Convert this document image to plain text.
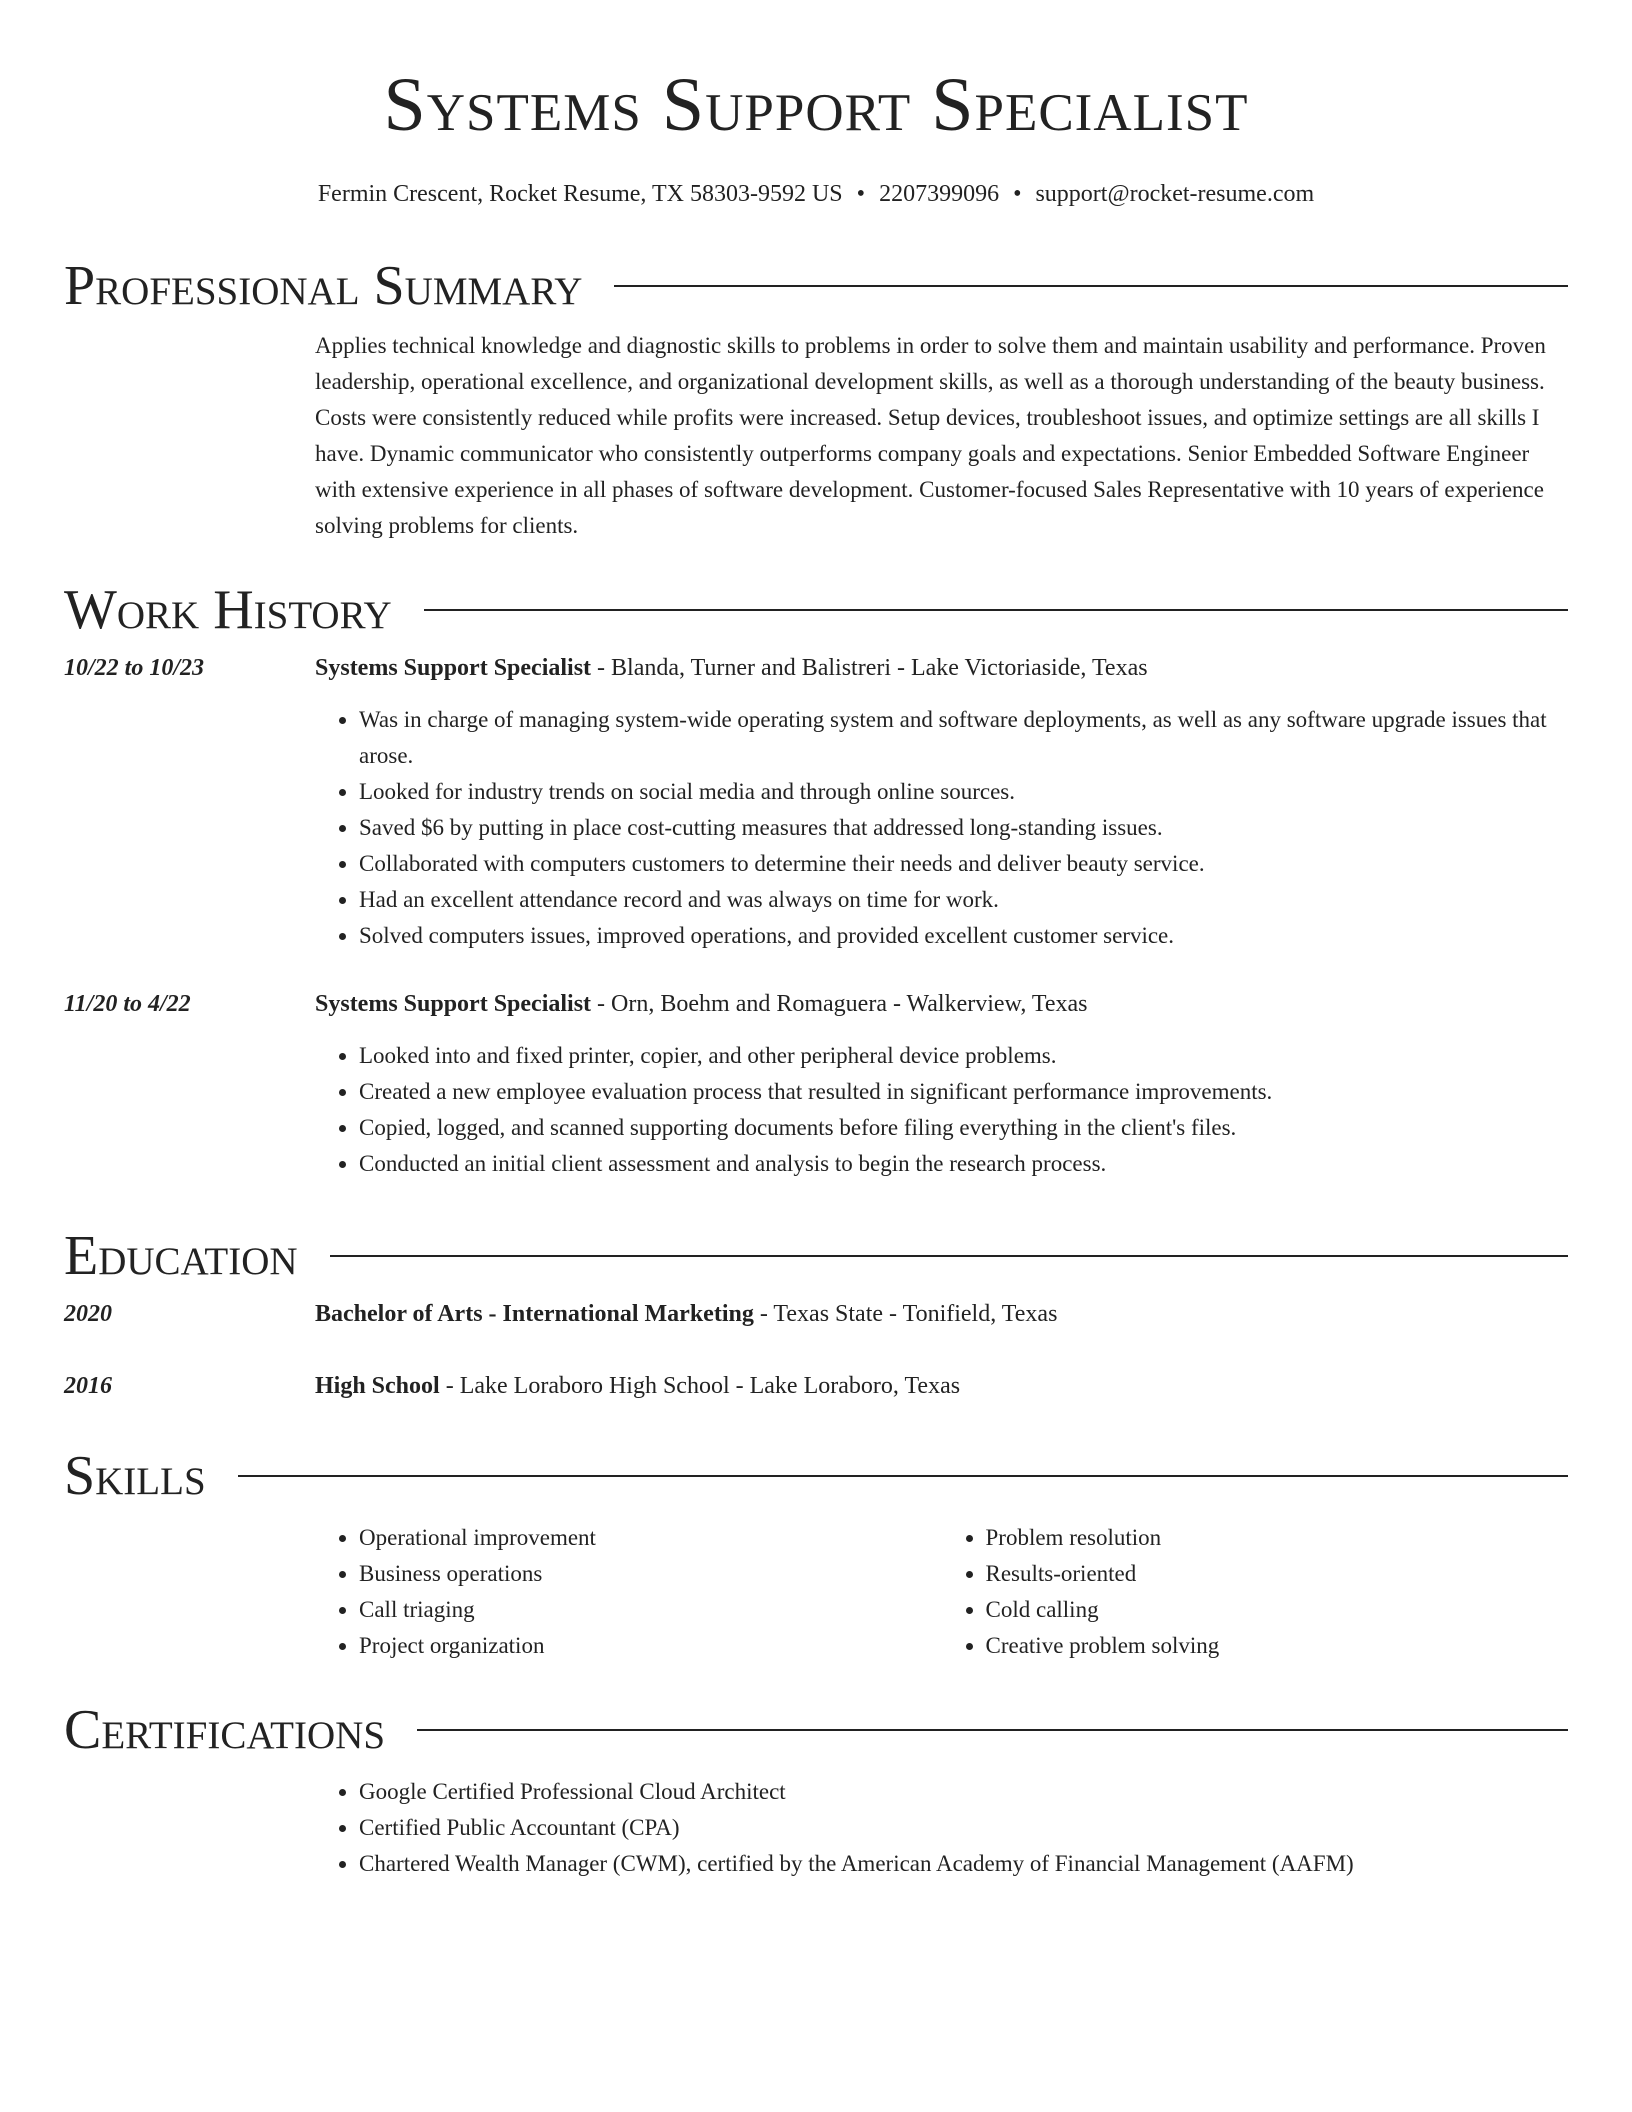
Systems Support Specialist
Fermin Crescent, Rocket Resume, TX 58303-9592 US • 2207399096 • support@rocket-resume.com
Professional Summary

Applies technical knowledge and diagnostic skills to problems in order to solve them and maintain usability and performance. Proven leadership, operational excellence, and organizational development skills, as well as a thorough understanding of the beauty business. Costs were consistently reduced while profits were increased. Setup devices, troubleshoot issues, and optimize settings are all skills I have. Dynamic communicator who consistently outperforms company goals and expectations. Senior Embedded Software Engineer with extensive experience in all phases of software development. Customer-focused Sales Representative with 10 years of experience solving problems for clients.

Work History
10/22 to 10/23	Systems Support Specialist - Blanda, Turner and Balistreri - Lake Victoriaside, Texas
• Was in charge of managing system-wide operating system and software deployments, as well as any software upgrade issues that arose.
• Looked for industry trends on social media and through online sources.
• Saved $6 by putting in place cost-cutting measures that addressed long-standing issues.
• Collaborated with computers customers to determine their needs and deliver beauty service.
• Had an excellent attendance record and was always on time for work.
• Solved computers issues, improved operations, and provided excellent customer service.
11/20 to 4/22	Systems Support Specialist - Orn, Boehm and Romaguera - Walkerview, Texas
• Looked into and fixed printer, copier, and other peripheral device problems.
• Created a new employee evaluation process that resulted in significant performance improvements.
• Copied, logged, and scanned supporting documents before filing everything in the client's files.
• Conducted an initial client assessment and analysis to begin the research process.
Education
2020	Bachelor of Arts - International Marketing - Texas State - Tonifield, Texas
2016	High School - Lake Loraboro High School - Lake Loraboro, Texas
Skills
• Operational improvement
• Business operations
• Call triaging
• Project organization
• Problem resolution
• Results-oriented
• Cold calling
• Creative problem solving
Certifications
• Google Certified Professional Cloud Architect
• Certified Public Accountant (CPA)
• Chartered Wealth Manager (CWM), certified by the American Academy of Financial Management (AAFM)
